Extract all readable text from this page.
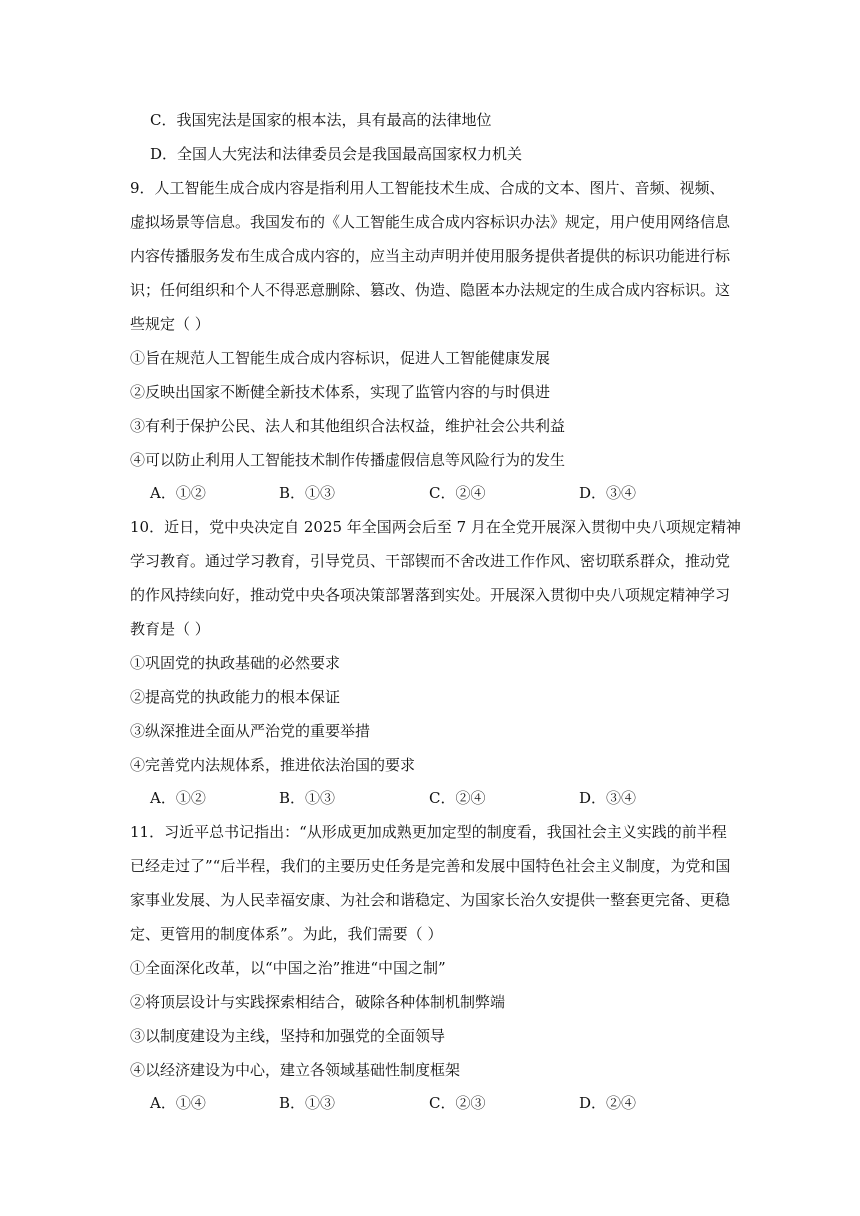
C．我国宪法是国家的根本法，具有最高的法律地位
D．全国人大宪法和法律委员会是我国最高国家权力机关
9．人工智能生成合成内容是指利用人工智能技术生成、合成的文本、图片、音频、视频、
虚拟场景等信息。我国发布的《人工智能生成合成内容标识办法》规定，用户使用网络信息
内容传播服务发布生成合成内容的，应当主动声明并使用服务提供者提供的标识功能进行标
识；任何组织和个人不得恶意删除、篡改、伪造、隐匿本办法规定的生成合成内容标识。这
些规定（ ）
①旨在规范人工智能生成合成内容标识，促进人工智能健康发展
②反映出国家不断健全新技术体系，实现了监管内容的与时俱进
③有利于保护公民、法人和其他组织合法权益，维护社会公共利益
④可以防止利用人工智能技术制作传播虚假信息等风险行为的发生
A．①②	B．①③	C．②④	D．③④
10．近日，党中央决定自 2025 年全国两会后至 7 月在全党开展深入贯彻中央八项规定精神
学习教育。通过学习教育，引导党员、干部锲而不舍改进工作作风、密切联系群众，推动党
的作风持续向好，推动党中央各项决策部署落到实处。开展深入贯彻中央八项规定精神学习
教育是（ ）
①巩固党的执政基础的必然要求
②提高党的执政能力的根本保证
③纵深推进全面从严治党的重要举措
④完善党内法规体系，推进依法治国的要求
A．①②	B．①③	C．②④	D．③④
11．习近平总书记指出：“从形成更加成熟更加定型的制度看，我国社会主义实践的前半程
已经走过了”“后半程，我们的主要历史任务是完善和发展中国特色社会主义制度，为党和国
家事业发展、为人民幸福安康、为社会和谐稳定、为国家长治久安提供一整套更完备、更稳
定、更管用的制度体系”。为此，我们需要（ ）
①全面深化改革，以“中国之治”推进“中国之制”
②将顶层设计与实践探索相结合，破除各种体制机制弊端
③以制度建设为主线，坚持和加强党的全面领导
④以经济建设为中心，建立各领域基础性制度框架
A．①④	B．①③	C．②③	D．②④
